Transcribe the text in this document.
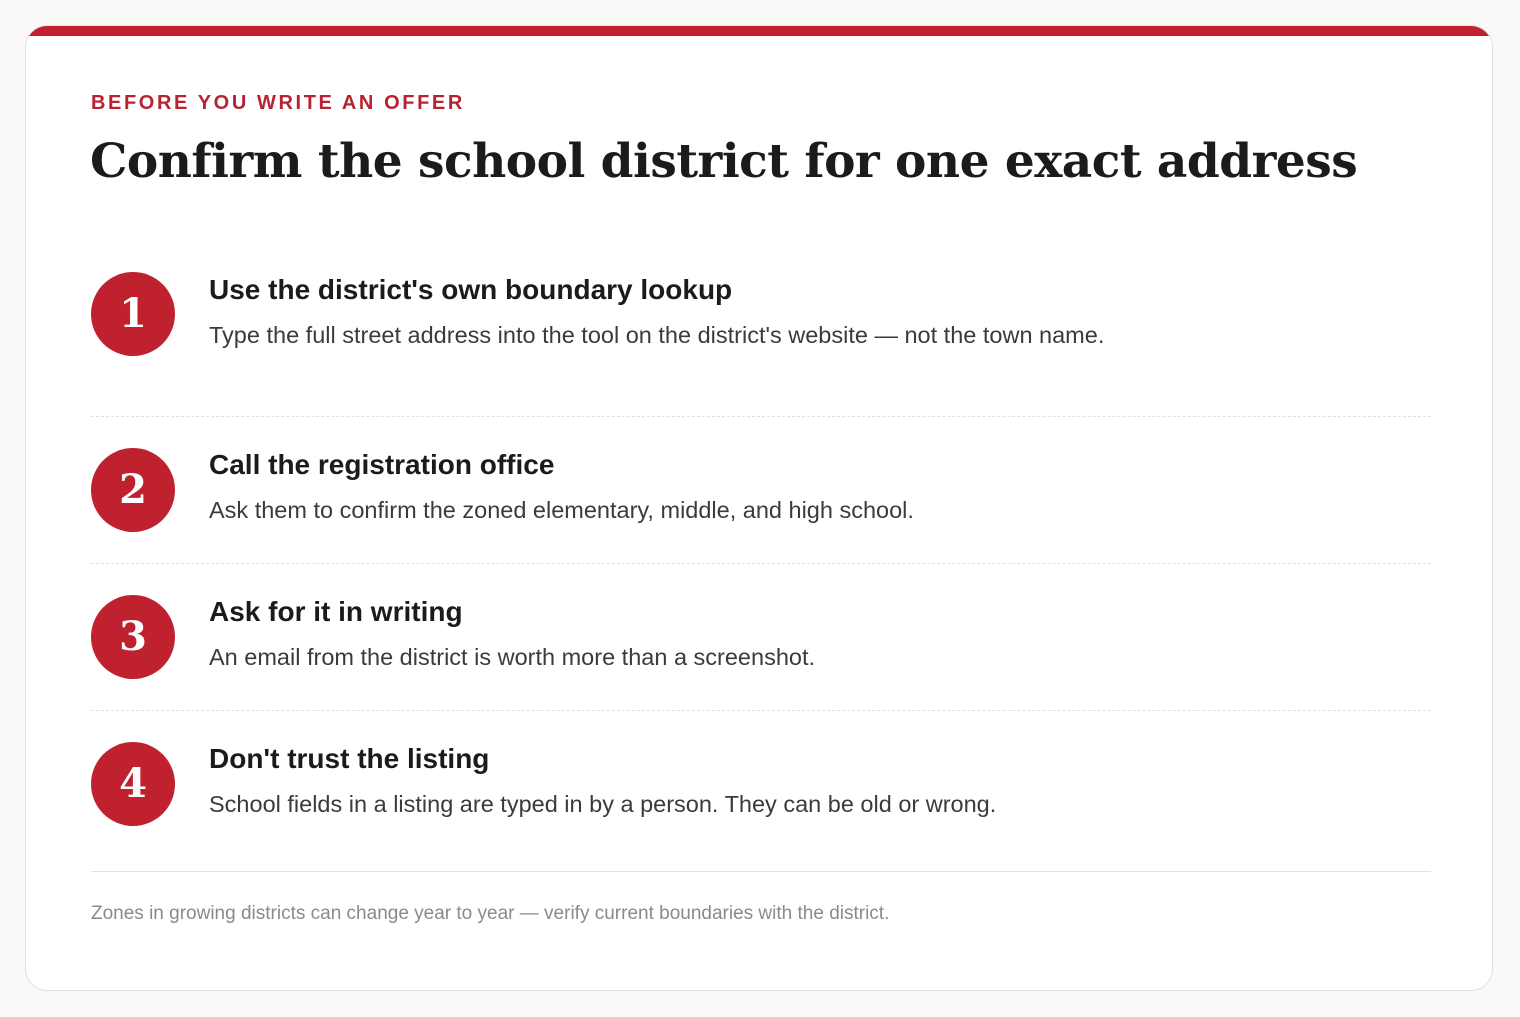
BEFORE YOU WRITE AN OFFER
Confirm the school district for one exact address
1
Use the district's own boundary lookup
Type the full street address into the tool on the district's website — not the town name.
2
Call the registration office
Ask them to confirm the zoned elementary, middle, and high school.
3
Ask for it in writing
An email from the district is worth more than a screenshot.
4
Don't trust the listing
School fields in a listing are typed in by a person. They can be old or wrong.
Zones in growing districts can change year to year — verify current boundaries with the district.
